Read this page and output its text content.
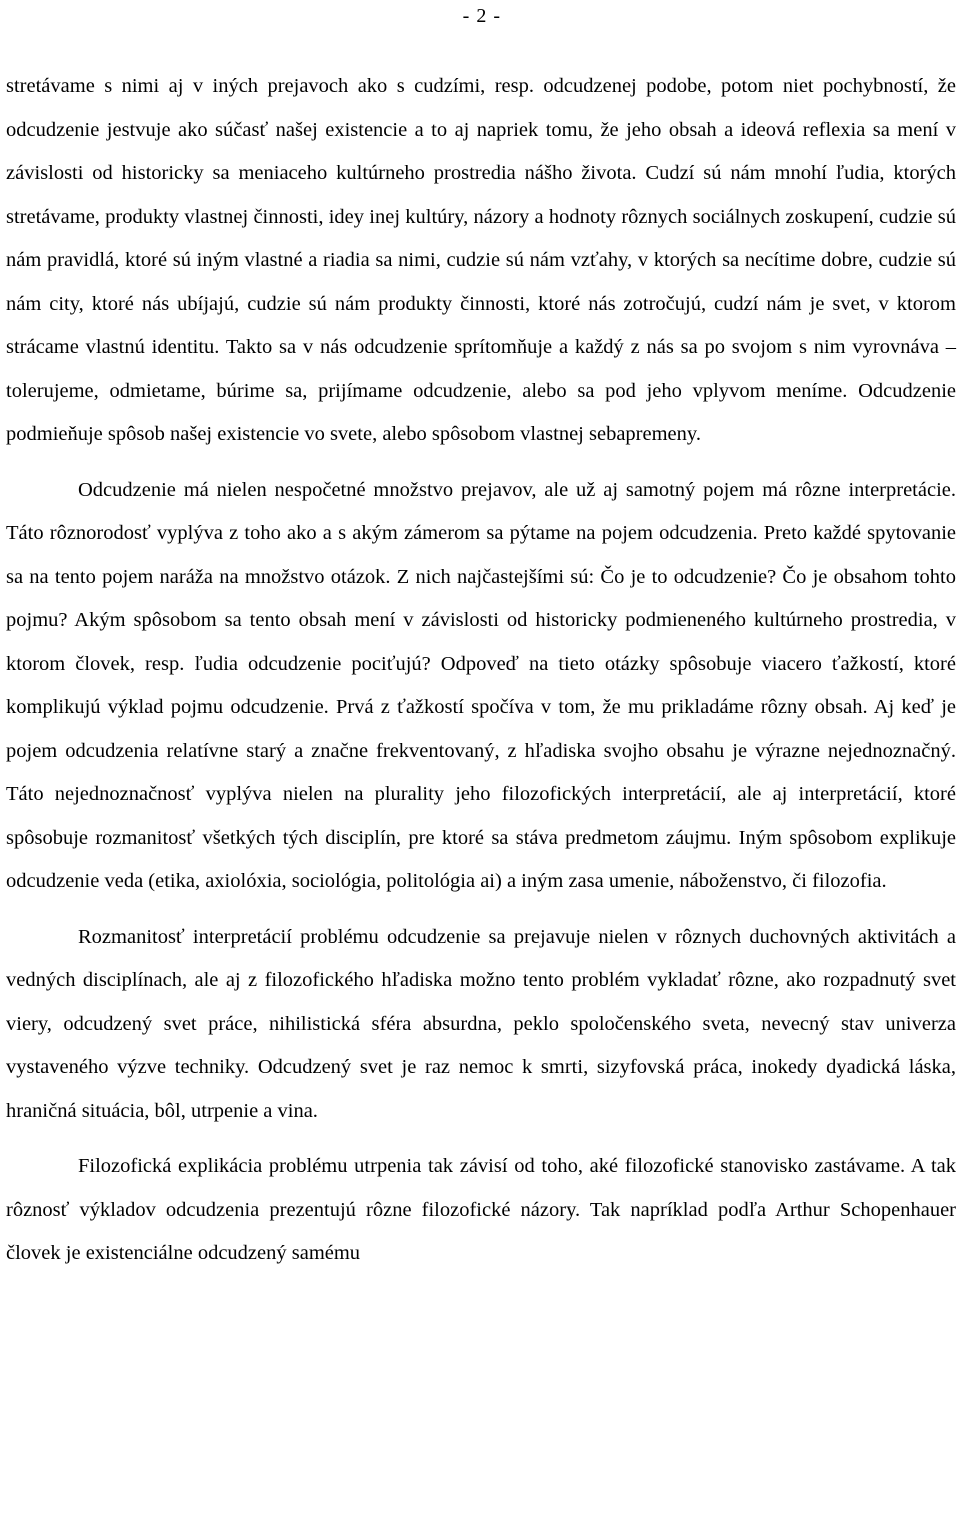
- 2 -

stretávame s nimi aj v iných prejavoch ako s cudzími, resp. odcudzenej podobe, potom niet pochybností, že odcudzenie jestvuje ako súčasť našej existencie a to aj napriek tomu, že jeho obsah a ideová reflexia sa mení v závislosti od historicky sa meniaceho kultúrneho prostredia nášho života. Cudzí sú nám mnohí ľudia, ktorých stretávame, produkty vlastnej činnosti, idey inej kultúry, názory a hodnoty rôznych sociálnych zoskupení, cudzie sú nám pravidlá, ktoré sú iným vlastné a riadia sa nimi, cudzie sú nám vzťahy, v ktorých sa necítime dobre, cudzie sú nám city, ktoré nás ubíjajú, cudzie sú nám produkty činnosti, ktoré nás zotročujú, cudzí nám je svet, v ktorom strácame vlastnú identitu. Takto sa v nás odcudzenie sprítomňuje a každý z nás sa po svojom s nim vyrovnáva – tolerujeme, odmietame, búrime sa, prijímame odcudzenie, alebo sa pod jeho vplyvom meníme. Odcudzenie podmieňuje spôsob našej existencie vo svete, alebo spôsobom vlastnej sebapremeny.

Odcudzenie má nielen nespočetné množstvo prejavov, ale už aj samotný pojem má rôzne interpretácie. Táto rôznorodosť vyplýva z toho ako a s akým zámerom sa pýtame na pojem odcudzenia. Preto každé spytovanie sa na tento pojem naráža na množstvo otázok. Z nich najčastejšími sú: Čo je to odcudzenie? Čo je obsahom tohto pojmu? Akým spôsobom sa tento obsah mení v závislosti od historicky podmieneného kultúrneho prostredia, v ktorom človek, resp. ľudia odcudzenie pociťujú? Odpoveď na tieto otázky spôsobuje viacero ťažkostí, ktoré komplikujú výklad pojmu odcudzenie. Prvá z ťažkostí spočíva v tom, že mu prikladáme rôzny obsah. Aj keď je pojem odcudzenia relatívne starý a značne frekventovaný, z hľadiska svojho obsahu je výrazne nejednoznačný. Táto nejednoznačnosť vyplýva nielen na plurality jeho filozofických interpretácií, ale aj interpretácií, ktoré spôsobuje rozmanitosť všetkých tých disciplín, pre ktoré sa stáva predmetom záujmu. Iným spôsobom explikuje odcudzenie veda (etika, axiolóxia, sociológia, politológia ai) a iným zasa umenie, náboženstvo, či filozofia.

Rozmanitosť interpretácií problému odcudzenie sa prejavuje nielen v rôznych duchovných aktivitách a vedných disciplínach, ale aj z filozofického hľadiska možno tento problém vykladať rôzne, ako rozpadnutý svet viery, odcudzený svet práce, nihilistická sféra absurdna, peklo spoločenského sveta, nevecný stav univerza vystaveného výzve techniky. Odcudzený svet je raz nemoc k smrti, sizyfovská práca, inokedy dyadická láska, hraničná situácia, bôl, utrpenie a vina.

Filozofická explikácia problému utrpenia tak závisí od toho, aké filozofické stanovisko zastávame. A tak rôznosť výkladov odcudzenia prezentujú rôzne filozofické názory. Tak napríklad podľa Arthur Schopenhauer človek je existenciálne odcudzený samému
